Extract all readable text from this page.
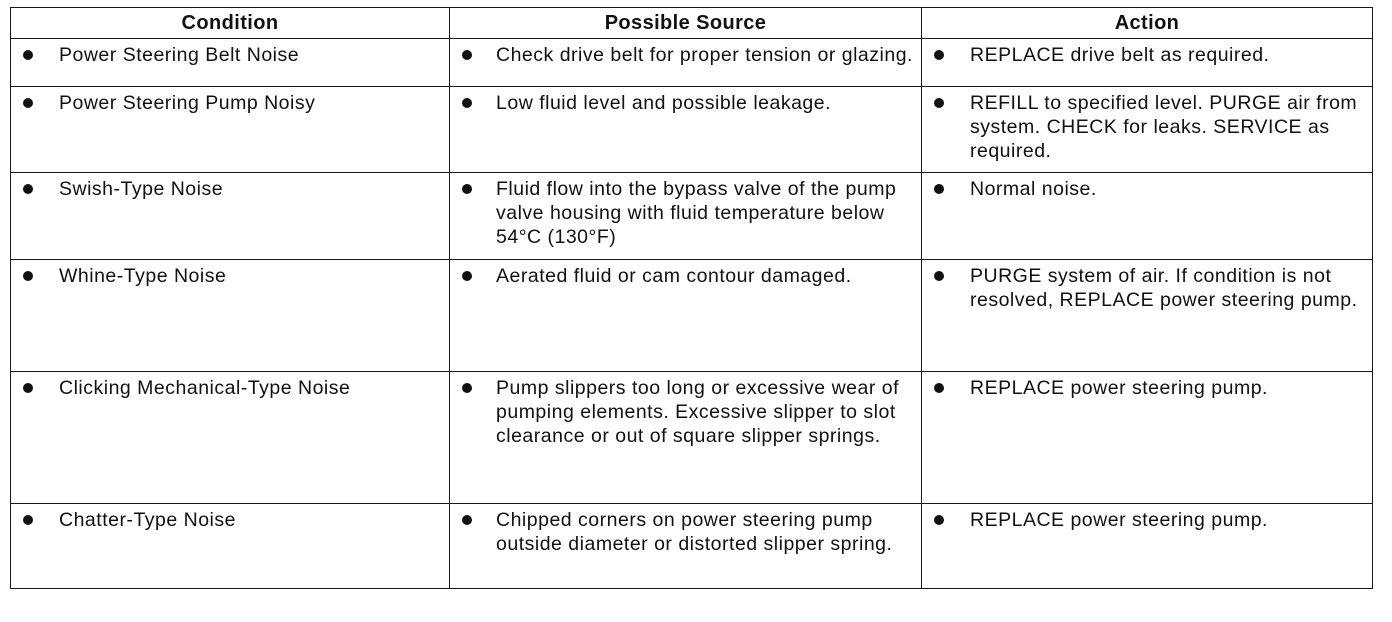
Condition	Possible Source	Action

Power Steering Belt Noise	Check drive belt for proper tension or glazing.	REPLACE drive belt as required.

Power Steering Pump Noisy	Low fluid level and possible leakage.	REFILL to specified level. PURGE air from system. CHECK for leaks. SERVICE as required.

Swish-Type Noise	Fluid flow into the bypass valve of the pump valve housing with fluid temperature below 54°C (130°F)	Normal noise.

Whine-Type Noise	Aerated fluid or cam contour damaged.	PURGE system of air. If condition is not resolved, REPLACE power steering pump.

Clicking Mechanical-Type Noise	Pump slippers too long or excessive wear of pumping elements. Excessive slipper to slot clearance or out of square slipper springs.	REPLACE power steering pump.

Chatter-Type Noise	Chipped corners on power steering pump outside diameter or distorted slipper spring.	REPLACE power steering pump.
